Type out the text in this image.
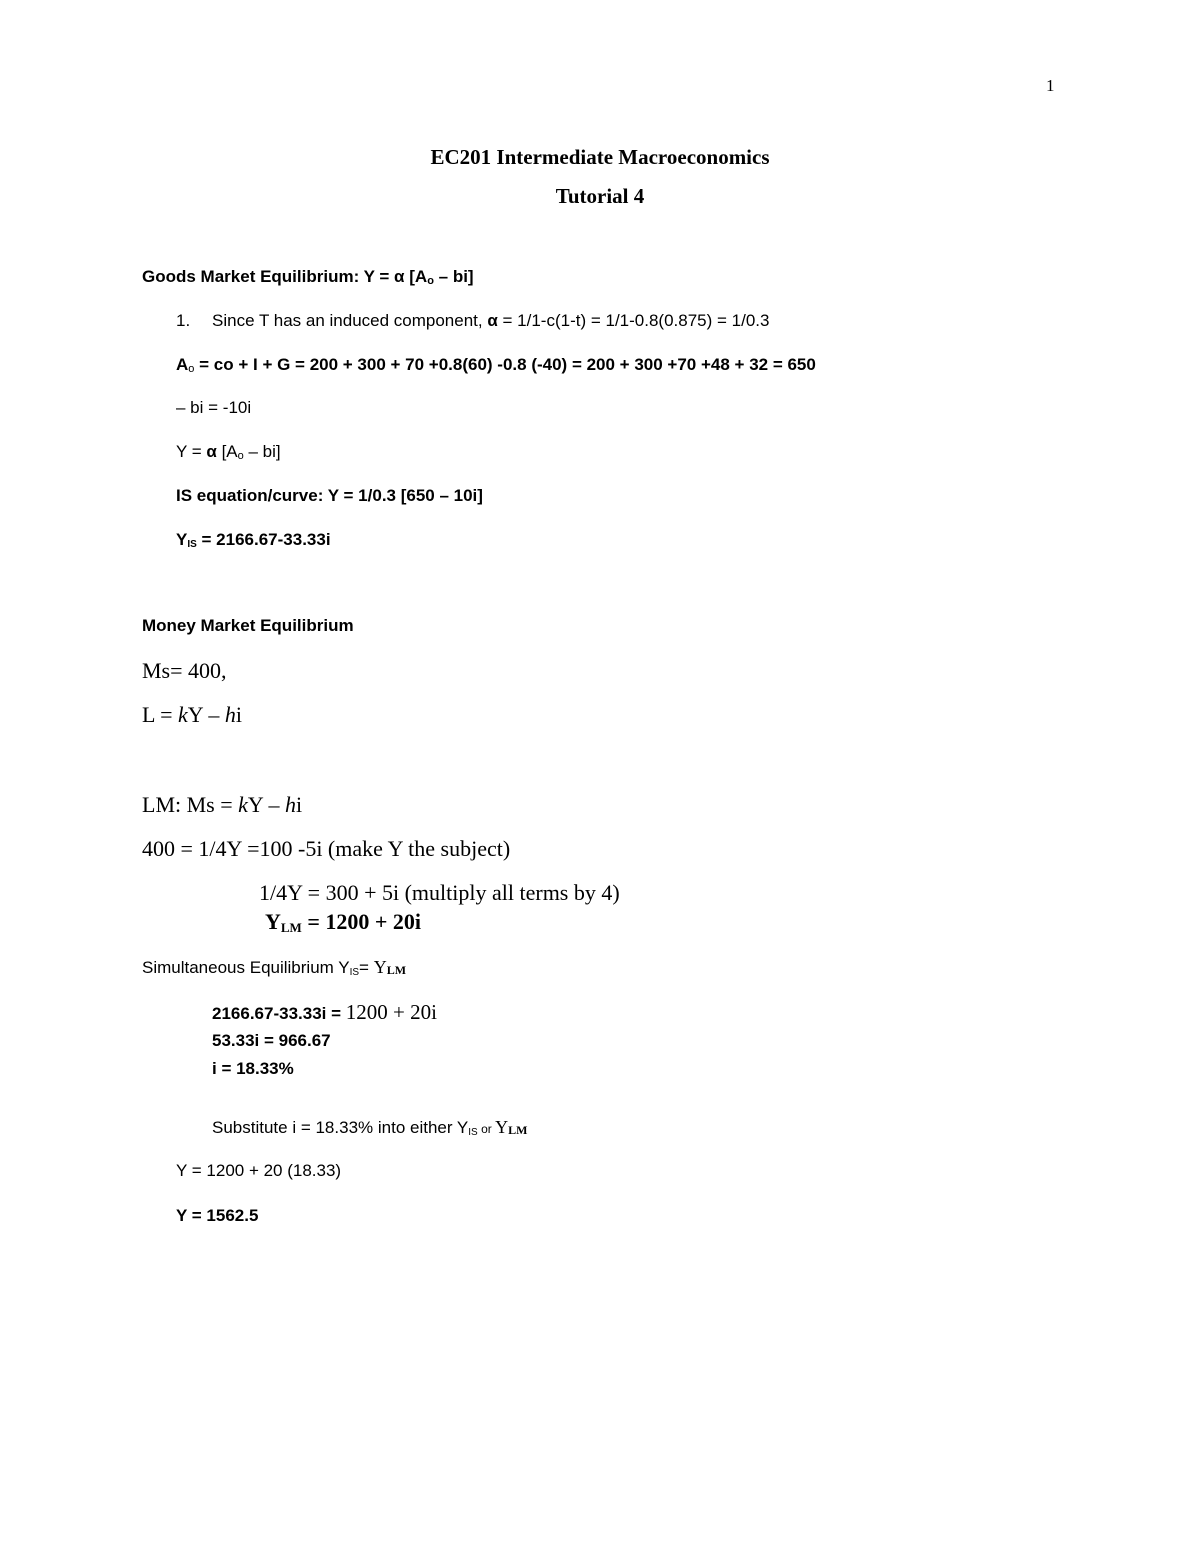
1
EC201 Intermediate Macroeconomics
Tutorial 4
Goods Market Equilibrium: Y = α $[A_o - bi]$
1. Since T has an induced component, α = 1/1-c(1-t) = 1/1-0.8(0.875) = 1/0.3
$A_o$ = co + I + G = 200 + 300 + 70 +0.8(60) -0.8 (-40) = 200 + 300 +70 +48 + 32 = 650
– bi = -10i
Y = α $[A_o - bi]$
IS equation/curve: Y = 1/0.3 [650 – 10i]
$Y_{IS} = 2166.67-33.33i$
Money Market Equilibrium
Ms= 400,
L = kY – hi
LM: Ms = kY – hi
400 = 1/4Y =100 -5i (make Y the subject)
1/4Y = 300 + 5i (multiply all terms by 4)
$Y_{LM} = 1200 + 20i$
Simultaneous Equilibrium $Y_{IS}=$ YLM
2166.67-33.33i = 1200 + 20i
53.33i = 966.67
i = 18.33%
Substitute i = 18.33% into either $Y_{IS}$ or YLM
Y = 1200 + 20 (18.33)
Y = 1562.5
